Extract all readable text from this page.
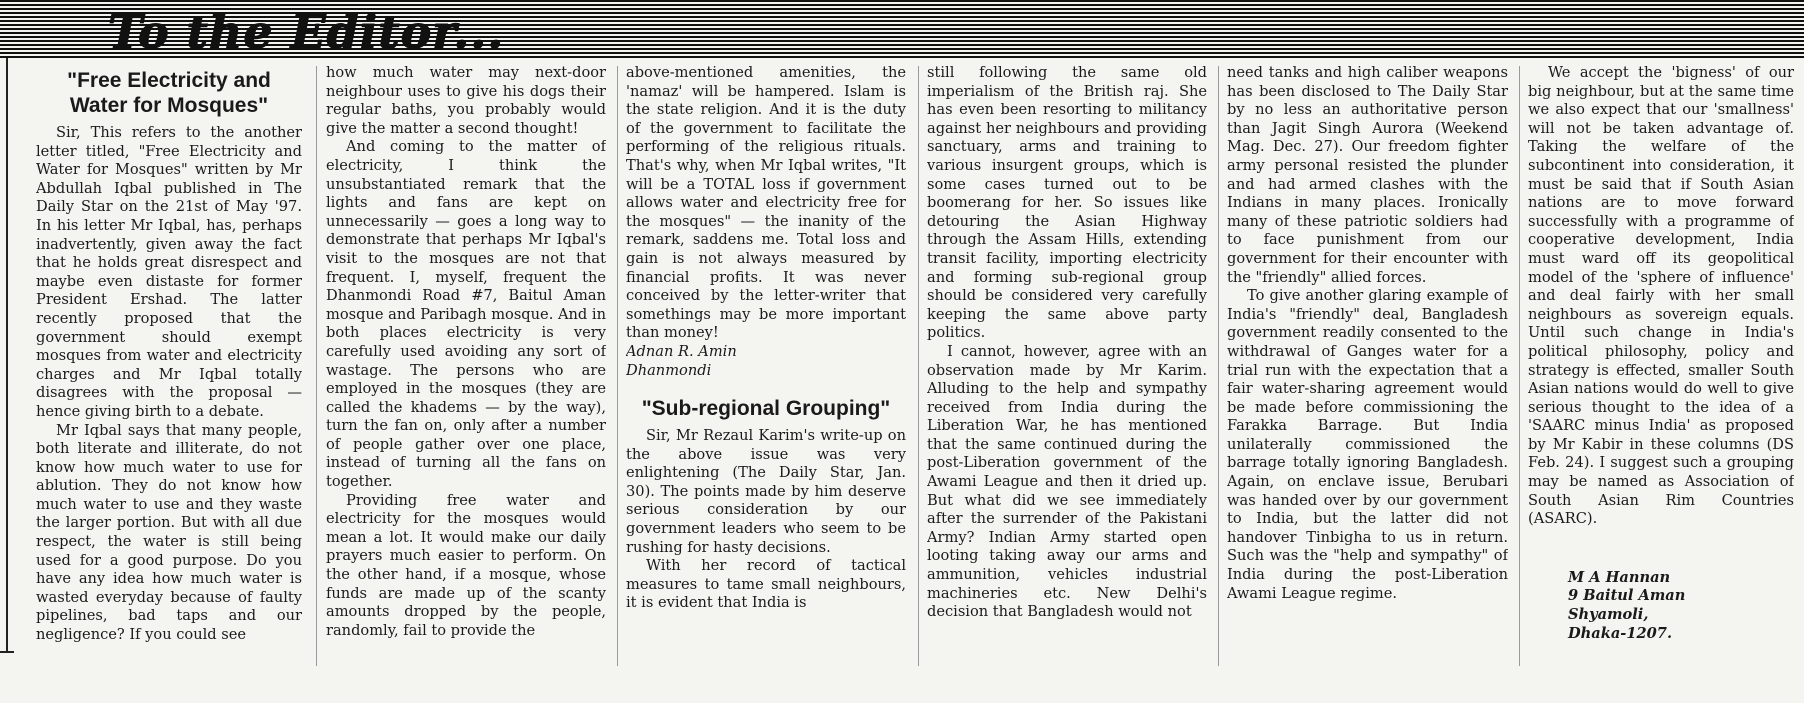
To the Editor...
"Free Electricity and Water for Mosques"

Sir, This refers to the another letter titled, "Free Electricity and Water for Mosques" written by Mr Abdullah Iqbal published in The Daily Star on the 21st of May '97. In his letter Mr Iqbal, has, perhaps inadvertently, given away the fact that he holds great disrespect and maybe even distaste for former President Ershad. The latter recently proposed that the government should exempt mosques from water and electricity charges and Mr Iqbal totally disagrees with the proposal — hence giving birth to a debate.

Mr Iqbal says that many people, both literate and illiterate, do not know how much water to use for ablution. They do not know how much water to use and they waste the larger portion. But with all due respect, the water is still being used for a good purpose. Do you have any idea how much water is wasted everyday because of faulty pipelines, bad taps and our negligence? If you could see

how much water may next-door neighbour uses to give his dogs their regular baths, you probably would give the matter a second thought!

And coming to the matter of electricity, I think the unsubstantiated remark that the lights and fans are kept on unnecessarily — goes a long way to demonstrate that perhaps Mr Iqbal's visit to the mosques are not that frequent. I, myself, frequent the Dhanmondi Road #7, Baitul Aman mosque and Paribagh mosque. And in both places electricity is very carefully used avoiding any sort of wastage. The persons who are employed in the mosques (they are called the khadems — by the way), turn the fan on, only after a number of people gather over one place, instead of turning all the fans on together.

Providing free water and electricity for the mosques would mean a lot. It would make our daily prayers much easier to perform. On the other hand, if a mosque, whose funds are made up of the scanty amounts dropped by the people, randomly, fail to provide the

above-mentioned amenities, the 'namaz' will be hampered. Islam is the state religion. And it is the duty of the government to facilitate the performing of the religious rituals. That's why, when Mr Iqbal writes, "It will be a TOTAL loss if government allows water and electricity free for the mosques" — the inanity of the remark, saddens me. Total loss and gain is not always measured by financial profits. It was never conceived by the letter-writer that somethings may be more important than money!

Adnan R. Amin

Dhanmondi

"Sub-regional Grouping"

Sir, Mr Rezaul Karim's write-up on the above issue was very enlightening (The Daily Star, Jan. 30). The points made by him deserve serious consideration by our government leaders who seem to be rushing for hasty decisions.

With her record of tactical measures to tame small neighbours, it is evident that India is

still following the same old imperialism of the British raj. She has even been resorting to militancy against her neighbours and providing sanctuary, arms and training to various insurgent groups, which is some cases turned out to be boomerang for her. So issues like detouring the Asian Highway through the Assam Hills, extending transit facility, importing electricity and forming sub-regional group should be considered very carefully keeping the same above party politics.

I cannot, however, agree with an observation made by Mr Karim. Alluding to the help and sympathy received from India during the Liberation War, he has mentioned that the same continued during the post-Liberation government of the Awami League and then it dried up. But what did we see immediately after the surrender of the Pakistani Army? Indian Army started open looting taking away our arms and ammunition, vehicles industrial machineries etc. New Delhi's decision that Bangladesh would not

need tanks and high caliber weapons has been disclosed to The Daily Star by no less an authoritative person than Jagit Singh Aurora (Weekend Mag. Dec. 27). Our freedom fighter army personal resisted the plunder and had armed clashes with the Indians in many places. Ironically many of these patriotic soldiers had to face punishment from our government for their encounter with the "friendly" allied forces.

To give another glaring example of India's "friendly" deal, Bangladesh government readily consented to the withdrawal of Ganges water for a trial run with the expectation that a fair water-sharing agreement would be made before commissioning the Farakka Barrage. But India unilaterally commissioned the barrage totally ignoring Bangladesh. Again, on enclave issue, Berubari was handed over by our government to India, but the latter did not handover Tinbigha to us in return. Such was the "help and sympathy" of India during the post-Liberation Awami League regime.

We accept the 'bigness' of our big neighbour, but at the same time we also expect that our 'smallness' will not be taken advantage of. Taking the welfare of the subcontinent into consideration, it must be said that if South Asian nations are to move forward successfully with a programme of cooperative development, India must ward off its geopolitical model of the 'sphere of influence' and deal fairly with her small neighbours as sovereign equals. Until such change in India's political philosophy, policy and strategy is effected, smaller South Asian nations would do well to give serious thought to the idea of a 'SAARC minus India' as proposed by Mr Kabir in these columns (DS Feb. 24). I suggest such a grouping may be named as Association of South Asian Rim Countries (ASARC).

M A Hannan
9 Baitul Aman
Shyamoli,
Dhaka-1207.
